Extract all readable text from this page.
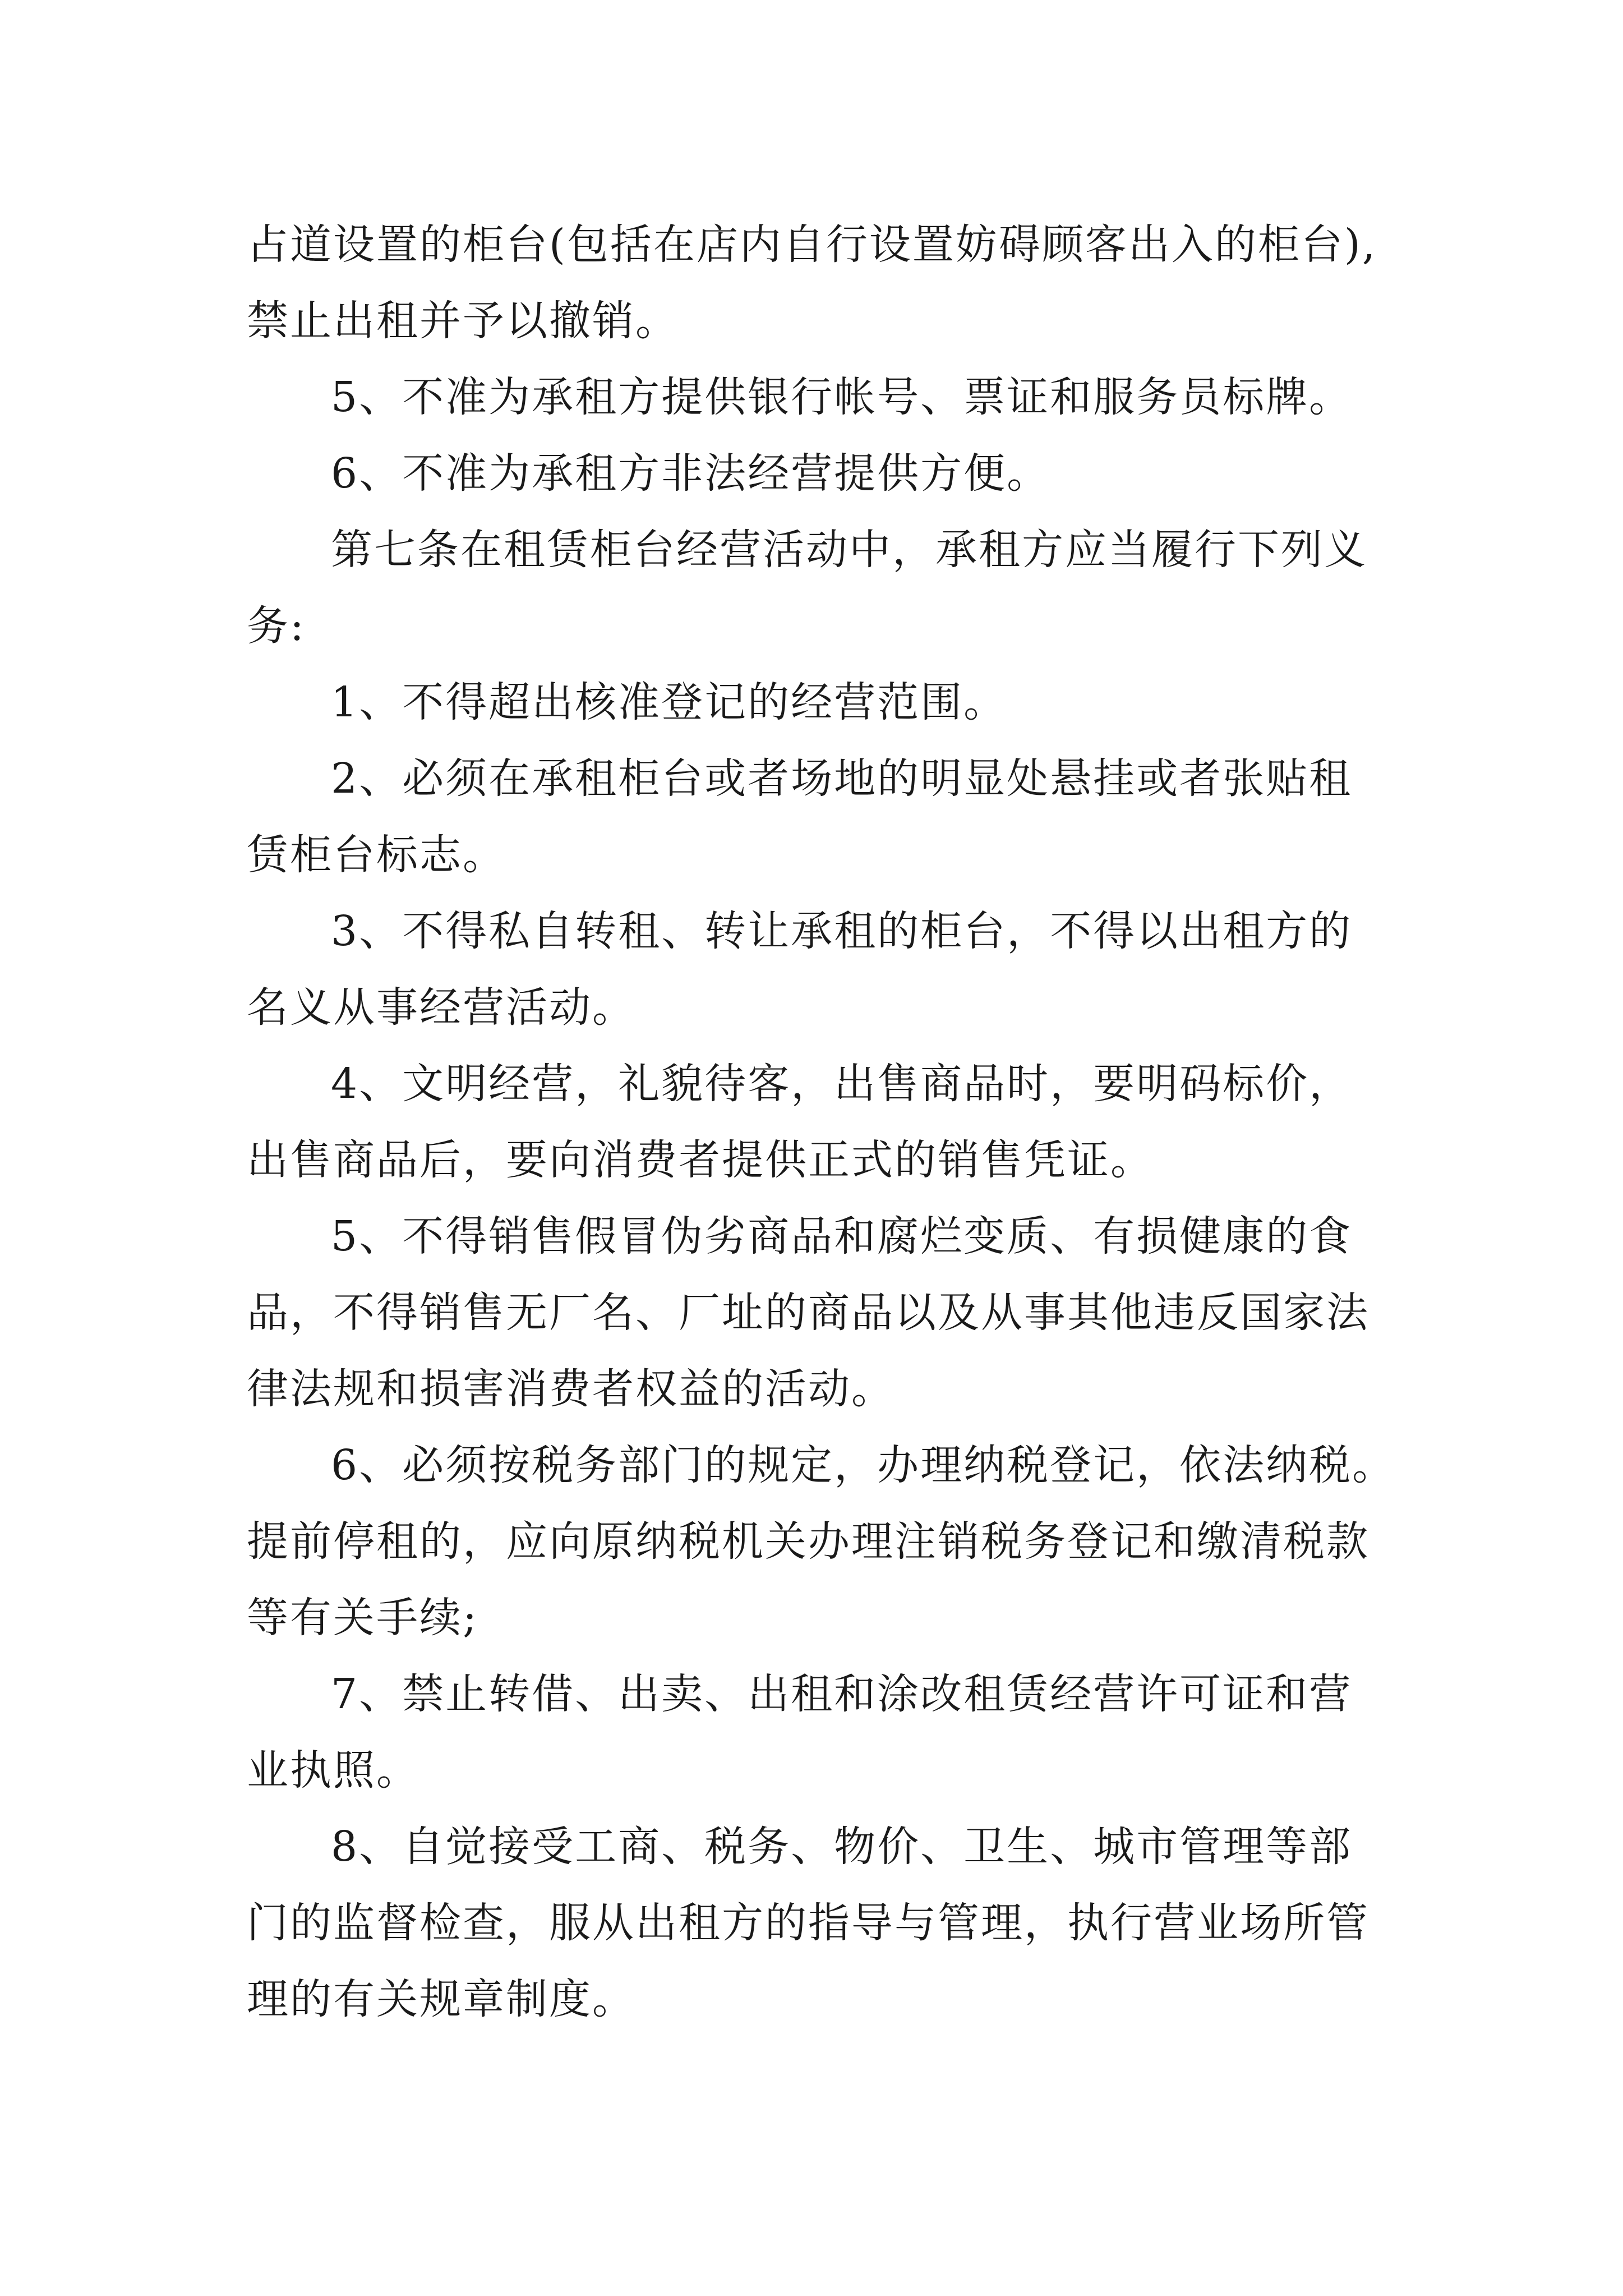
占道设置的柜台(包括在店内自行设置妨碍顾客出入的柜台),
禁止出租并予以撤销。
5、不准为承租方提供银行帐号、票证和服务员标牌。
6、不准为承租方非法经营提供方便。
第七条在租赁柜台经营活动中，承租方应当履行下列义
务:
1、不得超出核准登记的经营范围。
2、必须在承租柜台或者场地的明显处悬挂或者张贴租
赁柜台标志。
3、不得私自转租、转让承租的柜台，不得以出租方的
名义从事经营活动。
4、文明经营，礼貌待客，出售商品时，要明码标价，
出售商品后，要向消费者提供正式的销售凭证。
5、不得销售假冒伪劣商品和腐烂变质、有损健康的食
品，不得销售无厂名、厂址的商品以及从事其他违反国家法
律法规和损害消费者权益的活动。
6、必须按税务部门的规定，办理纳税登记，依法纳税。
提前停租的，应向原纳税机关办理注销税务登记和缴清税款
等有关手续;
7、禁止转借、出卖、出租和涂改租赁经营许可证和营
业执照。
8、自觉接受工商、税务、物价、卫生、城市管理等部
门的监督检查，服从出租方的指导与管理，执行营业场所管
理的有关规章制度。
